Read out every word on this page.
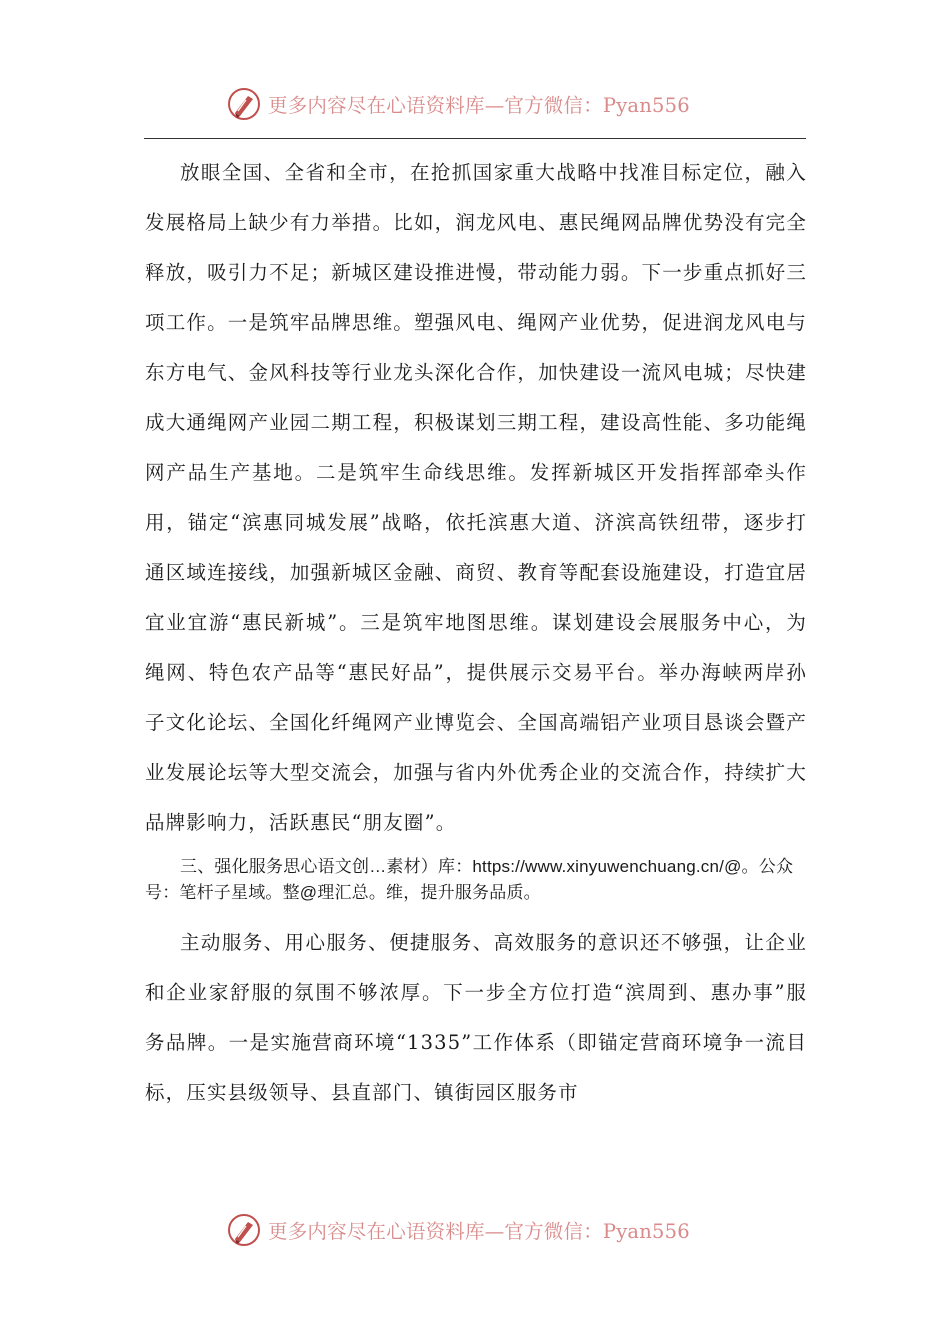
更多内容尽在心语资料库—官方微信：Pyan556

放眼全国、全省和全市，在抢抓国家重大战略中找准目标定位，融入发展格局上缺少有力举措。比如，润龙风电、惠民绳网品牌优势没有完全释放，吸引力不足；新城区建设推进慢，带动能力弱。下一步重点抓好三项工作。一是筑牢品牌思维。塑强风电、绳网产业优势，促进润龙风电与东方电气、金风科技等行业龙头深化合作，加快建设一流风电城；尽快建成大通绳网产业园二期工程，积极谋划三期工程，建设高性能、多功能绳网产品生产基地。二是筑牢生命线思维。发挥新城区开发指挥部牵头作用，锚定“滨惠同城发展”战略，依托滨惠大道、济滨高铁纽带，逐步打通区域连接线，加强新城区金融、商贸、教育等配套设施建设，打造宜居宜业宜游“惠民新城”。三是筑牢地图思维。谋划建设会展服务中心，为绳网、特色农产品等“惠民好品”，提供展示交易平台。举办海峡两岸孙子文化论坛、全国化纤绳网产业博览会、全国高端铝产业项目恳谈会暨产业发展论坛等大型交流会，加强与省内外优秀企业的交流合作，持续扩大品牌影响力，活跃惠民“朋友圈”。

三、强化服务思心语文创…素材）库：https://www.xinyuwenchuang.cn/@。公众号：笔杆子星域。整@理汇总。维，提升服务品质。

主动服务、用心服务、便捷服务、高效服务的意识还不够强，让企业和企业家舒服的氛围不够浓厚。下一步全方位打造“滨周到、惠办事”服务品牌。一是实施营商环境“1335”工作体系（即锚定营商环境争一流目标，压实县级领导、县直部门、镇街园区服务市

更多内容尽在心语资料库—官方微信：Pyan556
